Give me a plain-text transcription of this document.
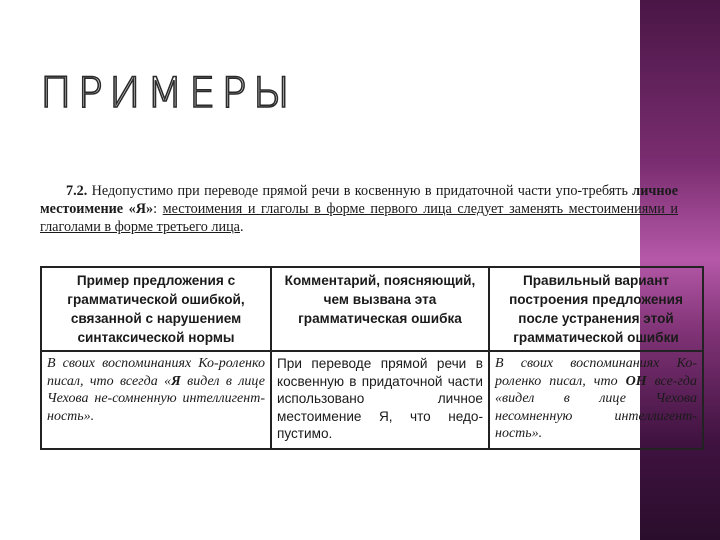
ПРИМЕРЫ

7.2. Недопустимо при переводе прямой речи в косвенную в придаточной части упо-требять личное местоимение «Я»: местоимения и глаголы в форме первого лица следует заменять местоимениями и глаголами в форме третьего лица.

Пример предложения с грамматической ошибкой, связанной с нарушением синтаксической нормы	Комментарий, поясняющий, чем вызвана эта грамматическая ошибка	Правильный вариант построения предложения после устранения этой грамматической ошибки
В своих воспоминаниях Ко-роленко писал, что всегда «Я видел в лице Чехова не-сомненную интеллигент-ность».	При переводе прямой речи в косвенную в придаточной части использовано личное местоимение Я, что недо-пустимо.	В своих воспоминаниях Ко-роленко писал, что ОН все-гда «видел в лице Чехова несомненную интеллигент-ность».
